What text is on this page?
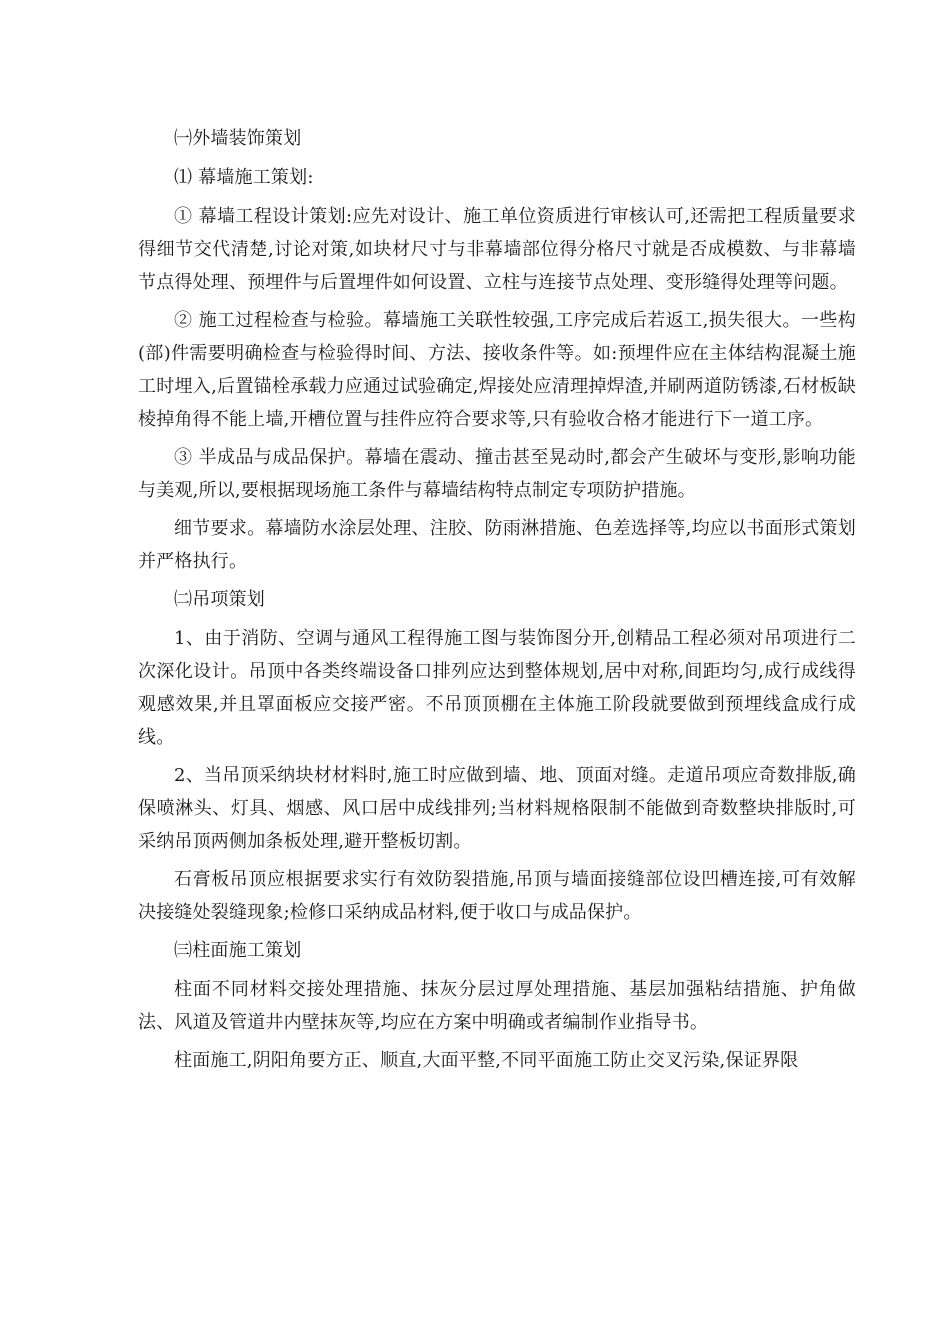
㈠外墙装饰策划

⑴ 幕墙施工策划:

① 幕墙工程设计策划:应先对设计、施工单位资质进行审核认可,还需把工程质量要求得细节交代清楚,讨论对策,如块材尺寸与非幕墙部位得分格尺寸就是否成模数、与非幕墙节点得处理、预埋件与后置埋件如何设置、立柱与连接节点处理、变形缝得处理等问题。

② 施工过程检查与检验。幕墙施工关联性较强,工序完成后若返工,损失很大。一些构(部)件需要明确检查与检验得时间、方法、接收条件等。如:预埋件应在主体结构混凝土施工时埋入,后置锚栓承载力应通过试验确定,焊接处应清理掉焊渣,并刷两道防锈漆,石材板缺棱掉角得不能上墙,开槽位置与挂件应符合要求等,只有验收合格才能进行下一道工序。

③ 半成品与成品保护。幕墙在震动、撞击甚至晃动时,都会产生破坏与变形,影响功能与美观,所以,要根据现场施工条件与幕墙结构特点制定专项防护措施。

细节要求。幕墙防水涂层处理、注胶、防雨淋措施、色差选择等,均应以书面形式策划并严格执行。

㈡吊项策划

1、由于消防、空调与通风工程得施工图与装饰图分开,创精品工程必须对吊项进行二次深化设计。吊顶中各类终端设备口排列应达到整体规划,居中对称,间距均匀,成行成线得观感效果,并且罩面板应交接严密。不吊顶顶棚在主体施工阶段就要做到预埋线盒成行成线。

2、当吊顶采纳块材材料时,施工时应做到墙、地、顶面对缝。走道吊项应奇数排版,确保喷淋头、灯具、烟感、风口居中成线排列;当材料规格限制不能做到奇数整块排版时,可采纳吊顶两侧加条板处理,避开整板切割。

石膏板吊顶应根据要求实行有效防裂措施,吊顶与墙面接缝部位设凹槽连接,可有效解决接缝处裂缝现象;检修口采纳成品材料,便于收口与成品保护。

㈢柱面施工策划

柱面不同材料交接处理措施、抹灰分层过厚处理措施、基层加强粘结措施、护角做法、风道及管道井内壁抹灰等,均应在方案中明确或者编制作业指导书。

柱面施工,阴阳角要方正、顺直,大面平整,不同平面施工防止交叉污染,保证界限
